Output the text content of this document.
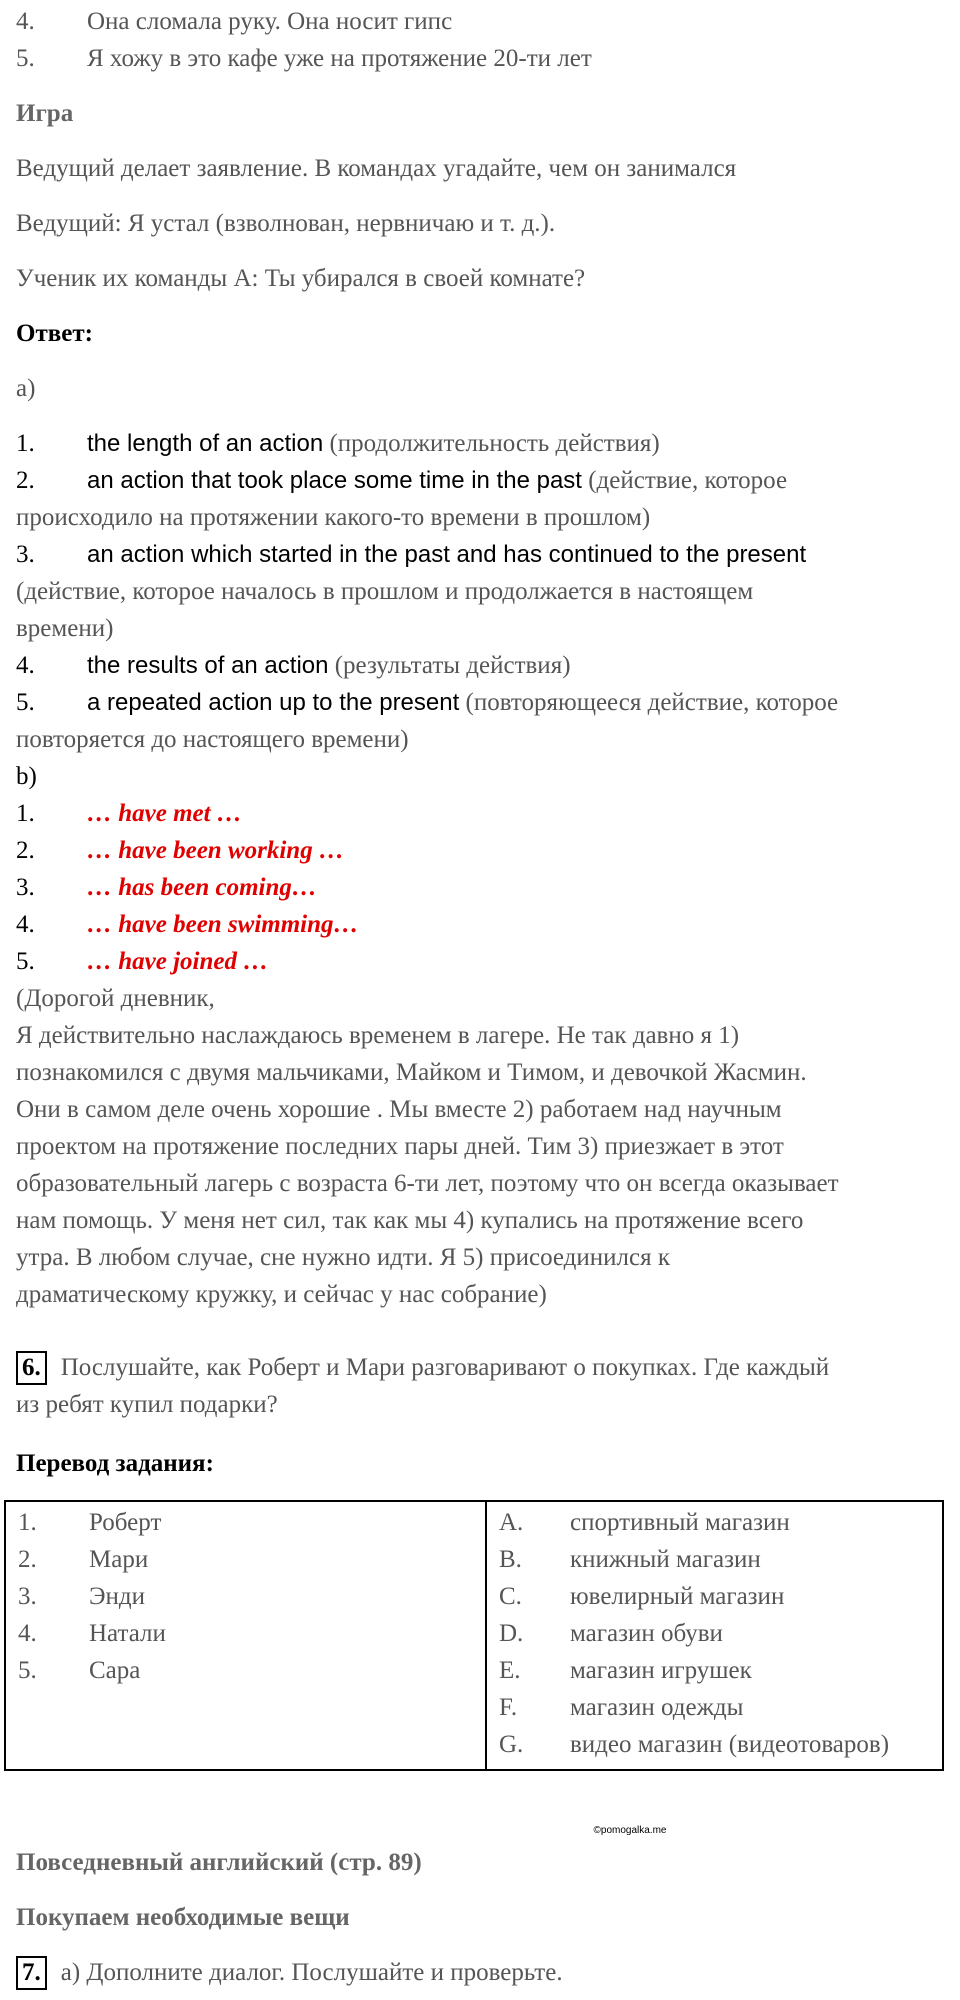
4. Она сломала руку. Она носит гипс

5. Я хожу в это кафе уже на протяжение 20-ти лет

Игра

Ведущий делает заявление. В командах угадайте, чем он занимался

Ведущий: Я устал (взволнован, нервничаю и т. д.).

Ученик их команды А: Ты убирался в своей комнате?

Ответ:

a)

1. the length of an action (продолжительность действия)

2. an action that took place some time in the past (действие, которое

происходило на протяжении какого-то времени в прошлом)

3. an action which started in the past and has continued to the present

(действие, которое началось в прошлом и продолжается в настоящем

времени)

4. the results of an action (результаты действия)

5. a repeated action up to the present (повторяющееся действие, которое

повторяется до настоящего времени)

b)

1. … have met …

2. … have been working …

3. … has been coming…

4. … have been swimming…

5. … have joined …

(Дорогой дневник,

Я действительно наслаждаюсь временем в лагере. Не так давно я 1)

познакомился с двумя мальчиками, Майком и Тимом, и девочкой Жасмин.

Они в самом деле очень хорошие . Мы вместе 2) работаем над научным

проектом на протяжение последних пары дней. Тим 3) приезжает в этот

образовательный лагерь с возраста 6-ти лет, поэтому что он всегда оказывает

нам помощь. У меня нет сил, так как мы 4) купались на протяжение всего

утра. В любом случае, сне нужно идти. Я 5) присоединился к

драматическому кружку, и сейчас у нас собрание)

6. Послушайте, как Роберт и Мари разговаривают о покупках. Где каждый

из ребят купил подарки?

Перевод задания:

1. Роберт
2. Мари
3. Энди
4. Натали
5. Сара

A. спортивный магазин
B. книжный магазин
C. ювелирный магазин
D. магазин обуви
E. магазин игрушек
F. магазин одежды
G. видео магазин (видеотоваров)
©pomogalka.me

Повседневный английский (стр. 89)

Покупаем необходимые вещи

7. a) Дополните диалог. Послушайте и проверьте.
